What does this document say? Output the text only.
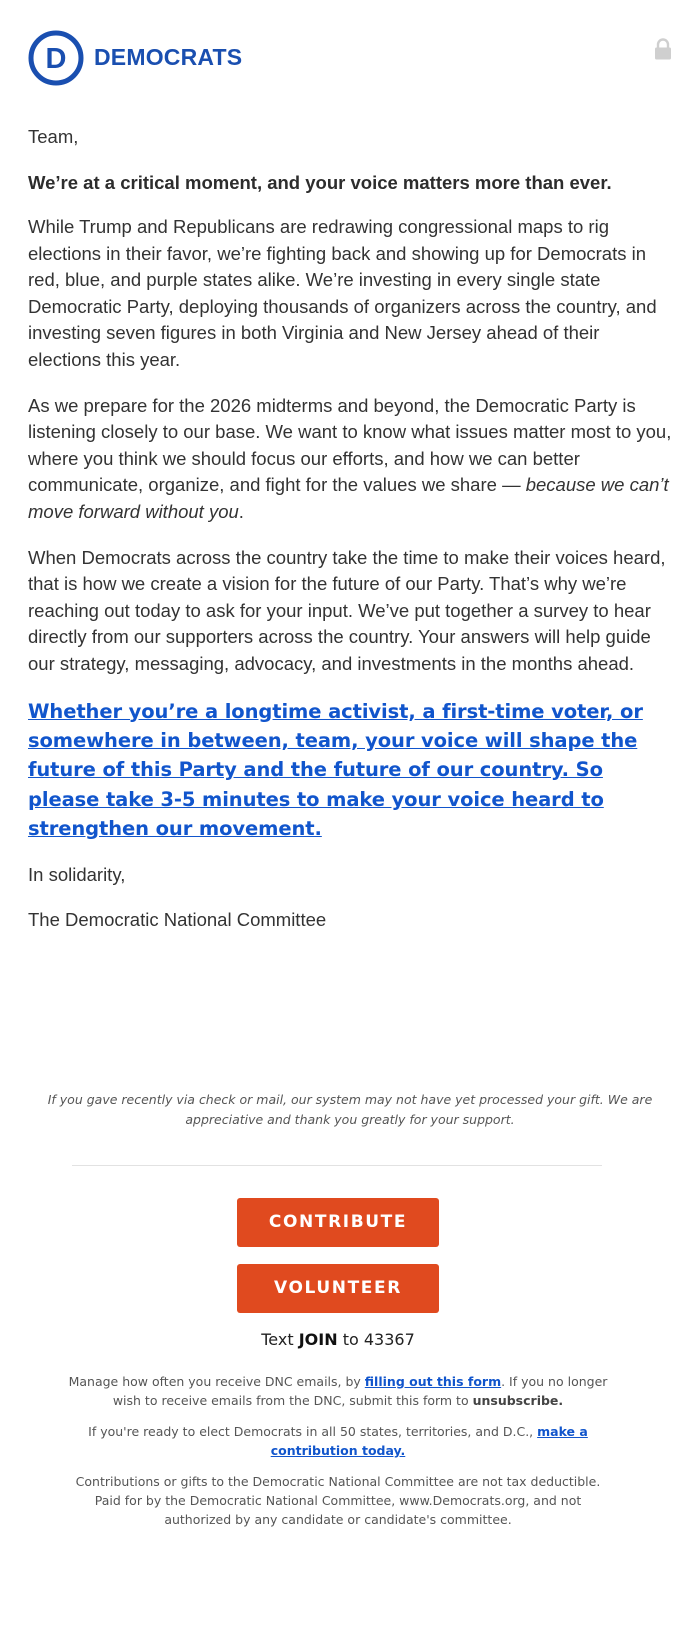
D DEMOCRATS

Team,

We’re at a critical moment, and your voice matters more than ever.

While Trump and Republicans are redrawing congressional maps to rig elections in their favor, we’re fighting back and showing up for Democrats in red, blue, and purple states alike. We’re investing in every single state Democratic Party, deploying thousands of organizers across the country, and investing seven figures in both Virginia and New Jersey ahead of their elections this year.

As we prepare for the 2026 midterms and beyond, the Democratic Party is listening closely to our base. We want to know what issues matter most to you, where you think we should focus our efforts, and how we can better communicate, organize, and fight for the values we share — because we can’t move forward without you.

When Democrats across the country take the time to make their voices heard, that is how we create a vision for the future of our Party. That’s why we’re reaching out today to ask for your input. We’ve put together a survey to hear directly from our supporters across the country. Your answers will help guide our strategy, messaging, advocacy, and investments in the months ahead.

Whether you’re a longtime activist, a first-time voter, or somewhere in between, team, your voice will shape the future of this Party and the future of our country. So please take 3-5 minutes to make your voice heard to strengthen our movement.

In solidarity,

The Democratic National Committee

If you gave recently via check or mail, our system may not have yet processed your gift. We are appreciative and thank you greatly for your support.
CONTRIBUTE
VOLUNTEER
Text JOIN to 43367
Manage how often you receive DNC emails, by filling out this form. If you no longer wish to receive emails from the DNC, submit this form to unsubscribe.
If you're ready to elect Democrats in all 50 states, territories, and D.C., make a contribution today.
Contributions or gifts to the Democratic National Committee are not tax deductible. Paid for by the Democratic National Committee, www.Democrats.org, and not authorized by any candidate or candidate's committee.
